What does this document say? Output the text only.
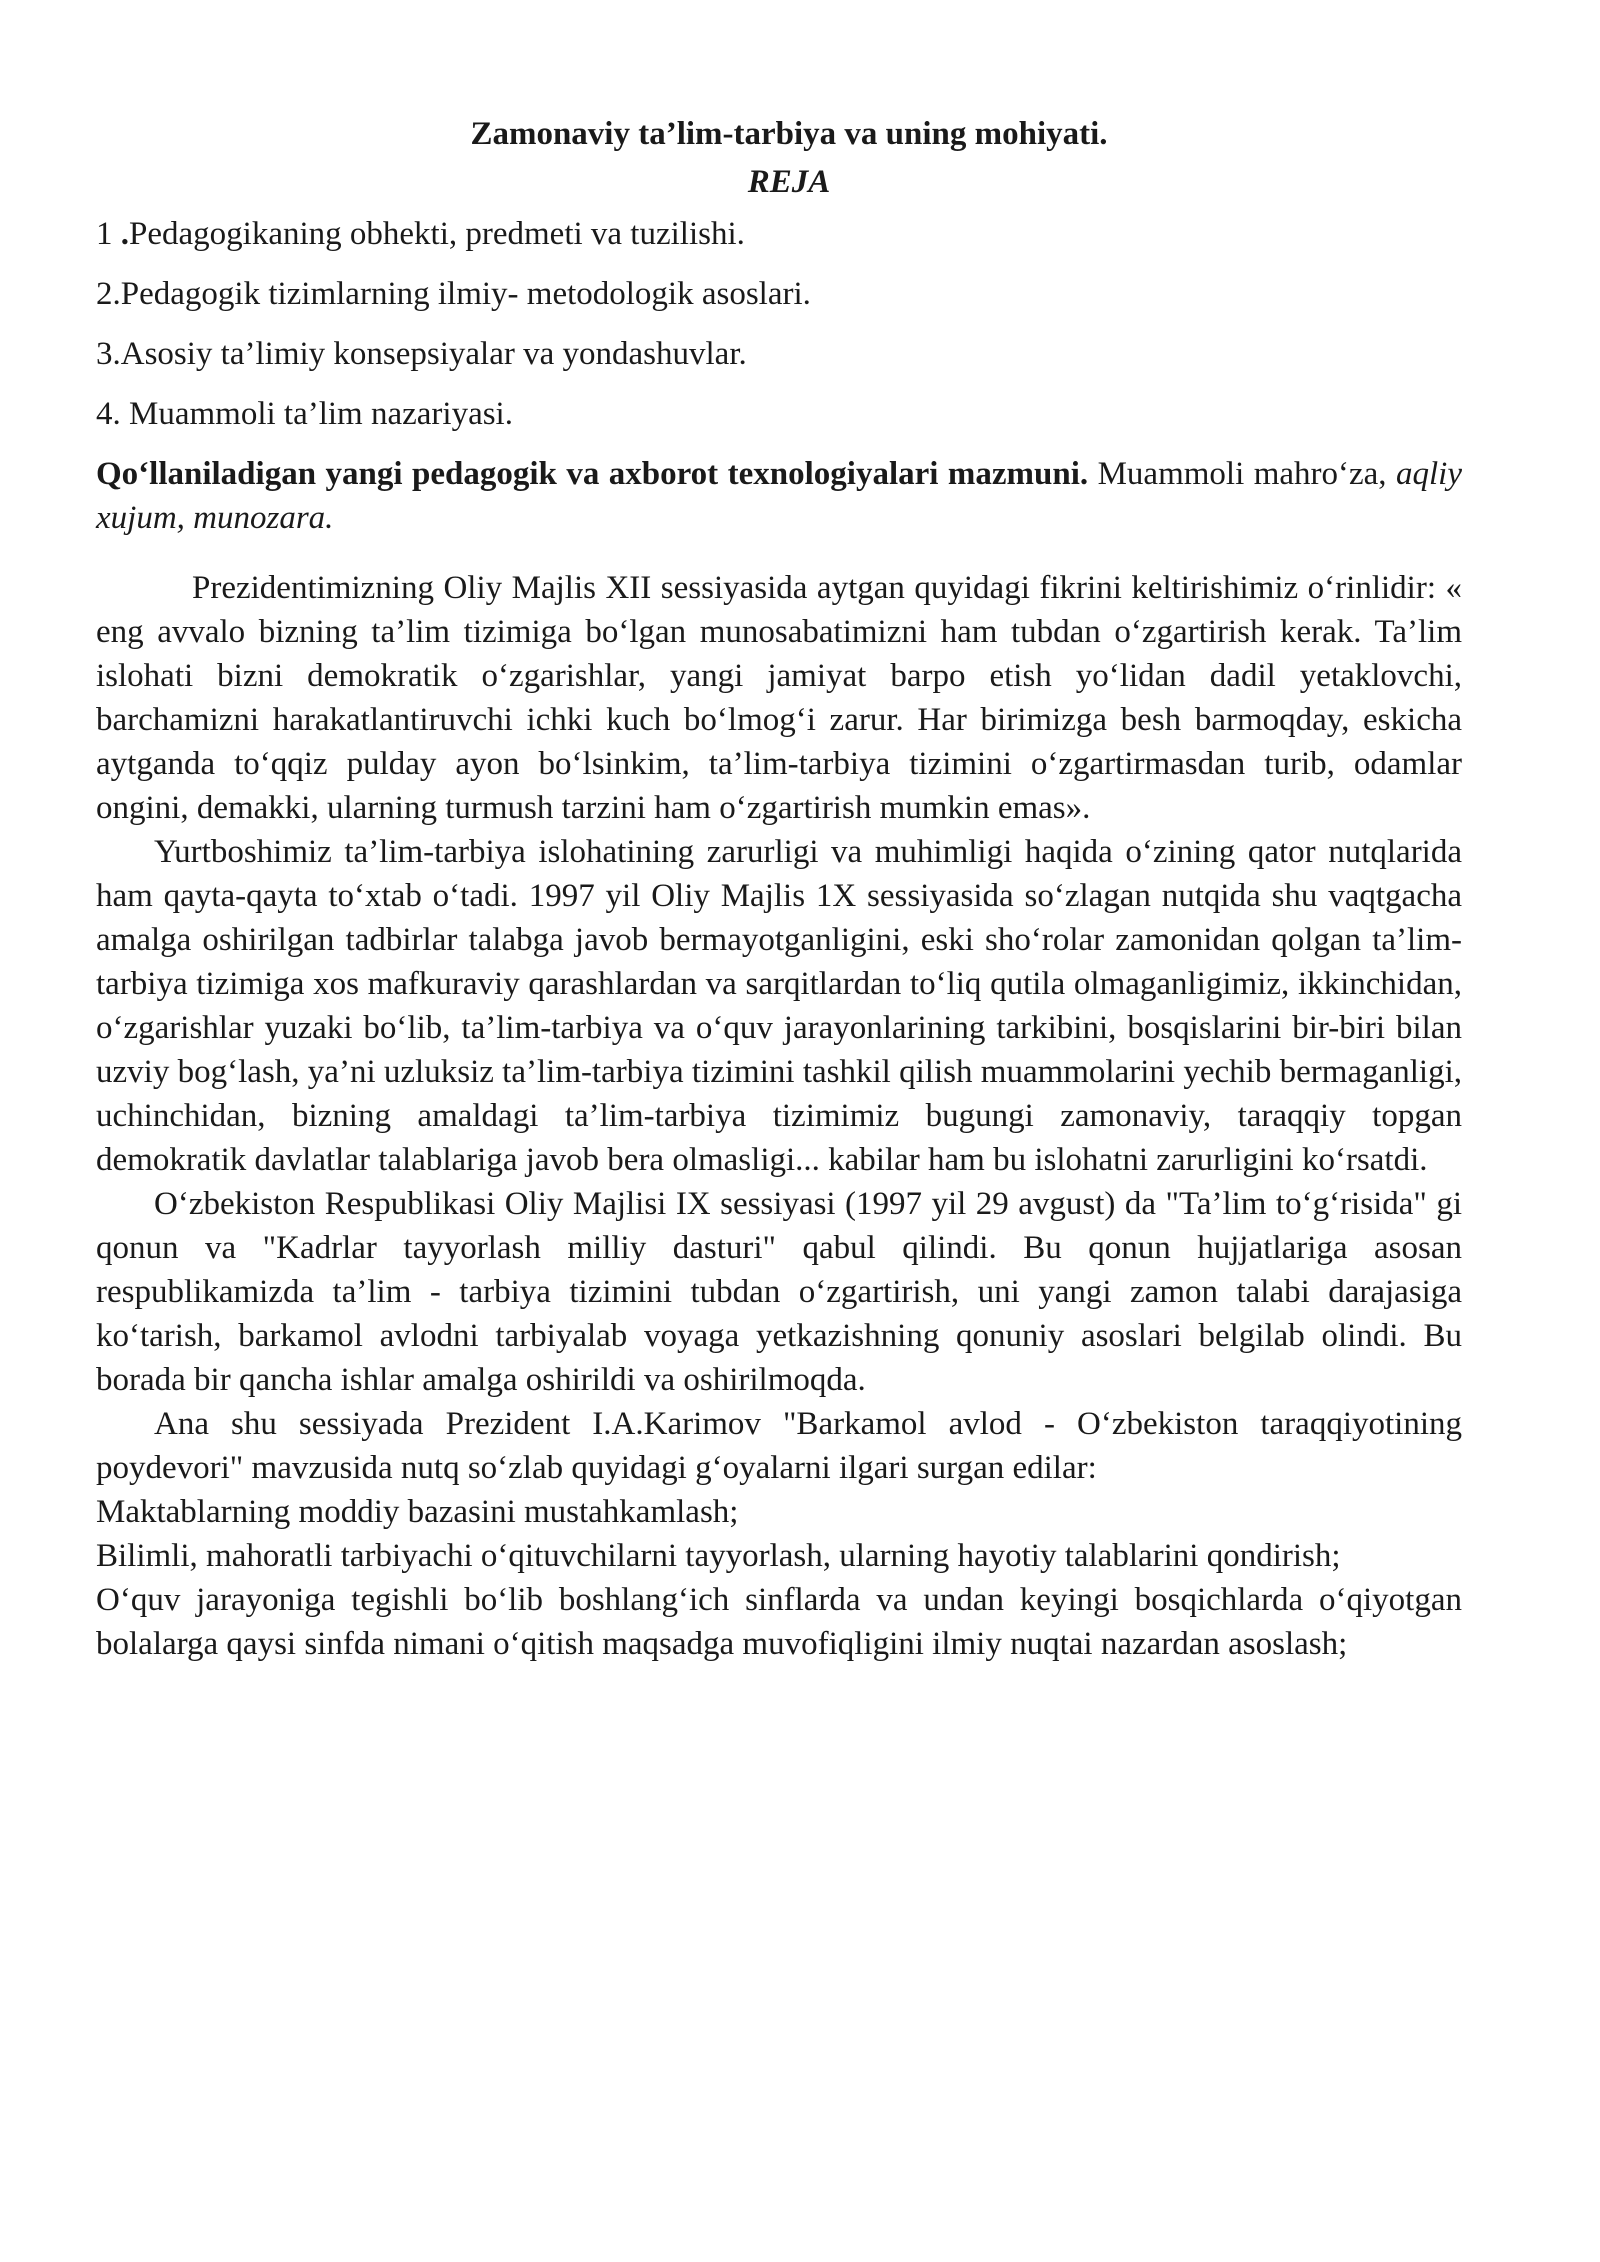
Zamonaviy ta’lim-tarbiya va uning mohiyati.

REJA

1 .Pedagogikaning obhekti, predmeti va tuzilishi.

2.Pedagogik tizimlarning ilmiy- metodologik asoslari.

3.Asosiy ta’limiy konsepsiyalar va yondashuvlar.

4. Muammoli ta’lim nazariyasi.

Qo‘llaniladigan yangi pedagogik va axborot texnologiyalari mazmuni. Muammoli mahro‘za, aqliy xujum, munozara.

Prezidentimizning Oliy Majlis XII sessiyasida aytgan quyidagi fikrini keltirishimiz o‘rinlidir: « eng avvalo bizning ta’lim tizimiga bo‘lgan munosabatimizni ham tubdan o‘zgartirish kerak. Ta’lim islohati bizni demokratik o‘zgarishlar, yangi jamiyat barpo etish yo‘lidan dadil yetaklovchi, barchamizni harakatlantiruvchi ichki kuch bo‘lmog‘i zarur. Har birimizga besh barmoqday, eskicha aytganda to‘qqiz pulday ayon bo‘lsinkim, ta’lim-tarbiya tizimini o‘zgartirmasdan turib, odamlar ongini, demakki, ularning turmush tarzini ham o‘zgartirish mumkin emas».

Yurtboshimiz ta’lim-tarbiya islohatining zarurligi va muhimligi haqida o‘zining qator nutqlarida ham qayta-qayta to‘xtab o‘tadi. 1997 yil Oliy Majlis 1X sessiyasida so‘zlagan nutqida shu vaqtgacha amalga oshirilgan tadbirlar talabga javob bermayotganligini, eski sho‘rolar zamonidan qolgan ta’lim-tarbiya tizimiga xos mafkuraviy qarashlardan va sarqitlardan to‘liq qutila olmaganligimiz, ikkinchidan, o‘zgarishlar yuzaki bo‘lib, ta’lim-tarbiya va o‘quv jarayonlarining tarkibini, bosqislarini bir-biri bilan uzviy bog‘lash, ya’ni uzluksiz ta’lim-tarbiya tizimini tashkil qilish muammolarini yechib bermaganligi, uchinchidan, bizning amaldagi ta’lim-tarbiya tizimimiz bugungi zamonaviy, taraqqiy topgan demokratik davlatlar talablariga javob bera olmasligi... kabilar ham bu islohatni zarurligini ko‘rsatdi.

O‘zbekiston Respublikasi Oliy Majlisi IX sessiyasi (1997 yil 29 avgust) da "Ta’lim to‘g‘risida" gi qonun va "Kadrlar tayyorlash milliy dasturi" qabul qilindi. Bu qonun hujjatlariga asosan respublikamizda ta’lim - tarbiya tizimini tubdan o‘zgartirish, uni yangi zamon talabi darajasiga ko‘tarish, barkamol avlodni tarbiyalab voyaga yetkazishning qonuniy asoslari belgilab olindi. Bu borada bir qancha ishlar amalga oshirildi va oshirilmoqda.

Ana shu sessiyada Prezident I.A.Karimov "Barkamol avlod - O‘zbekiston taraqqiyotining poydevori" mavzusida nutq so‘zlab quyidagi g‘oyalarni ilgari surgan edilar:

Maktablarning moddiy bazasini mustahkamlash;

Bilimli, mahoratli tarbiyachi o‘qituvchilarni tayyorlash, ularning hayotiy talablarini qondirish;

O‘quv jarayoniga tegishli bo‘lib boshlang‘ich sinflarda va undan keyingi bosqichlarda o‘qiyotgan bolalarga qaysi sinfda nimani o‘qitish maqsadga muvofiqligini ilmiy nuqtai nazardan asoslash;
